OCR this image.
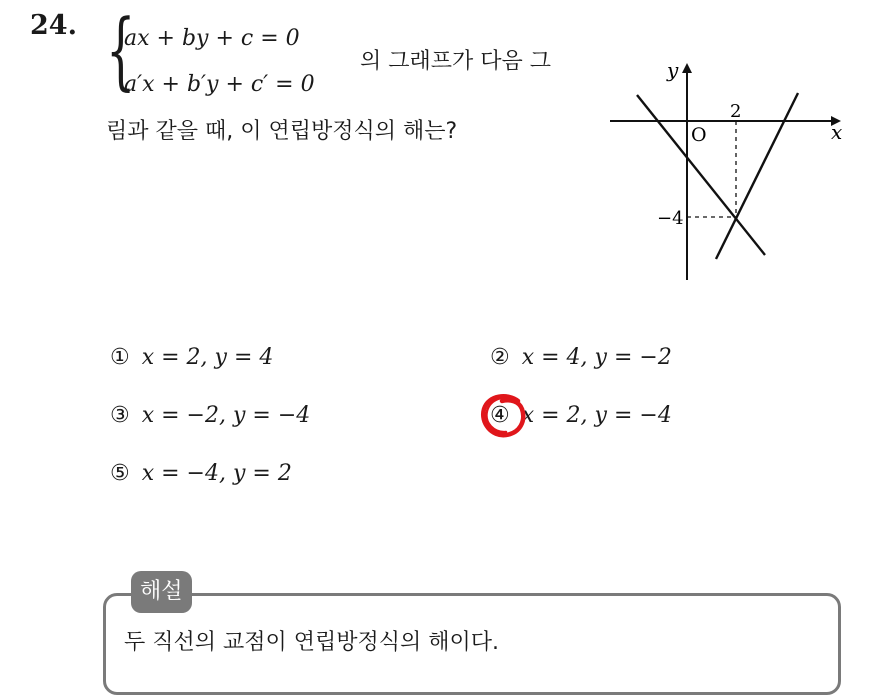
24. {
ax + by + c = 0
a′x + b′y + c′ = 0
의 그래프가 다음 그
림과 같을 때, 이 연립방정식의 해는?
y
x
O
2
−4
① x = 2, y = 4	② x = 4, y = −2
③ x = −2, y = −4	④ x = 2, y = −4
⑤ x = −4, y = 2
해설
두 직선의 교점이 연립방정식의 해이다.
